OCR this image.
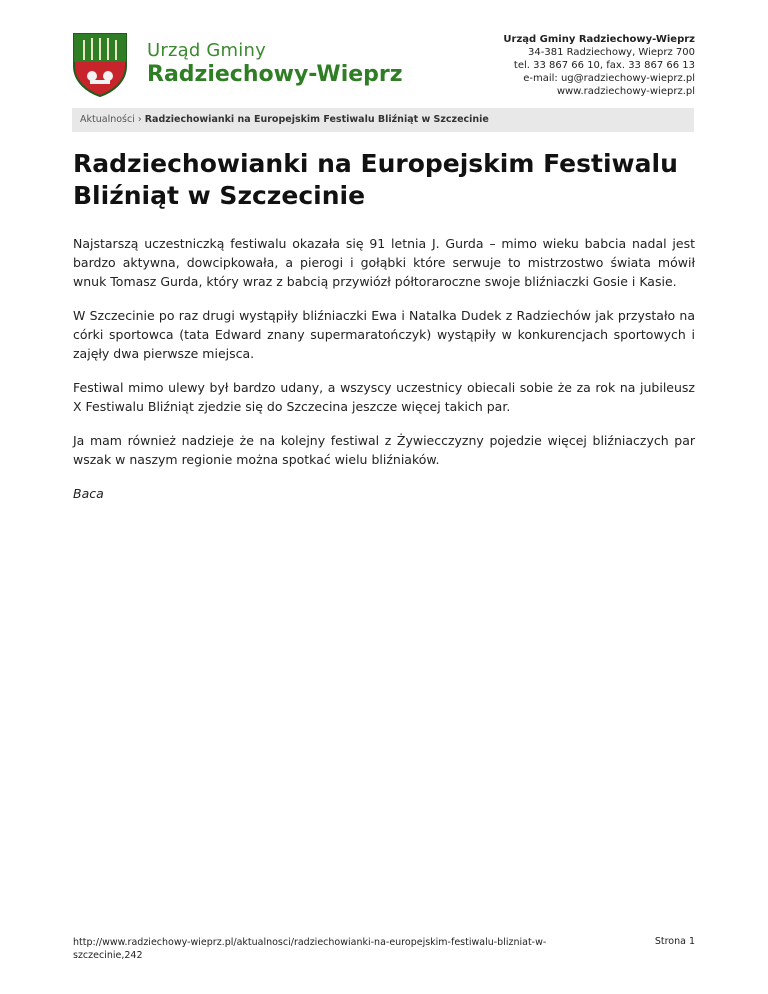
Urząd Gminy
Radziechowy-Wieprz
Urząd Gminy Radziechowy-Wieprz
34-381 Radziechowy, Wieprz 700
tel. 33 867 66 10, fax. 33 867 66 13
e-mail: ug@radziechowy-wieprz.pl
www.radziechowy-wieprz.pl
Aktualności › Radziechowianki na Europejskim Festiwalu Bliźniąt w Szczecinie
Radziechowianki na Europejskim Festiwalu Bliźniąt w Szczecinie

Najstarszą uczestniczką festiwalu okazała się 91 letnia J. Gurda – mimo wieku babcia nadal jest bardzo aktywna, dowcipkowała, a pierogi i gołąbki które serwuje to mistrzostwo świata mówił wnuk Tomasz Gurda, który wraz z babcią przywiózł półtoraroczne swoje bliźniaczki Gosie i Kasie.

W Szczecinie po raz drugi wystąpiły bliźniaczki Ewa i Natalka Dudek z Radziechów jak przystało na córki sportowca (tata Edward znany supermaratończyk) wystąpiły w konkurencjach sportowych i zajęły dwa pierwsze miejsca.

Festiwal mimo ulewy był bardzo udany, a wszyscy uczestnicy obiecali sobie że za rok na jubileusz X Festiwalu Bliźniąt zjedzie się do Szczecina jeszcze więcej takich par.

Ja mam również nadzieje że na kolejny festiwal z Żywiecczyzny pojedzie więcej bliźniaczych par wszak w naszym regionie można spotkać wielu bliźniaków.

Baca

http://www.radziechowy-wieprz.pl/aktualnosci/radziechowianki-na-europejskim-festiwalu-blizniat-w-szczecinie,242
Strona 1
